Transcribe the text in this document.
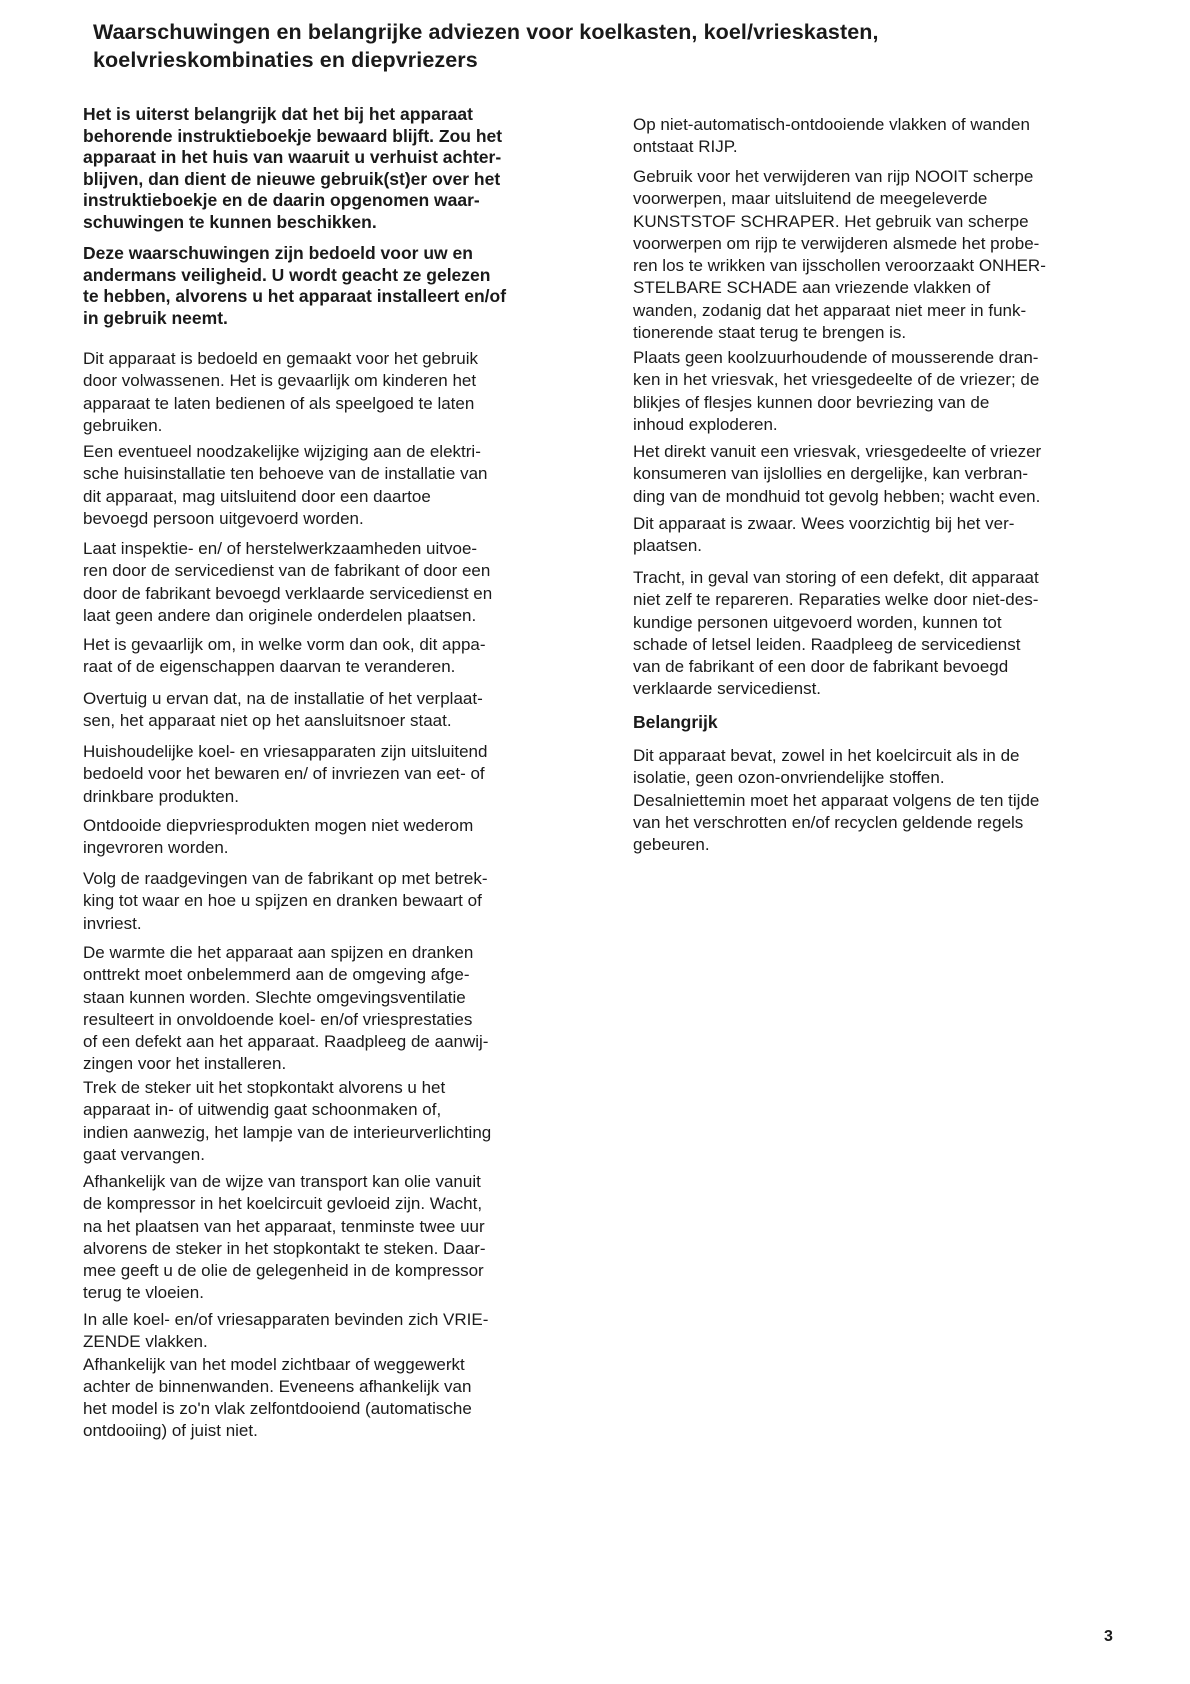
Waarschuwingen en belangrijke adviezen voor koelkasten, koel/vrieskasten,
koelvrieskombinaties en diepvriezers

Het is uiterst belangrijk dat het bij het apparaat
behorende instruktieboekje bewaard blijft. Zou het
apparaat in het huis van waaruit u verhuist achter-
blijven, dan dient de nieuwe gebruik(st)er over het
instruktieboekje en de daarin opgenomen waar-
schuwingen te kunnen beschikken.

Deze waarschuwingen zijn bedoeld voor uw en
andermans veiligheid. U wordt geacht ze gelezen
te hebben, alvorens u het apparaat installeert en/of
in gebruik neemt.

Dit apparaat is bedoeld en gemaakt voor het gebruik
door volwassenen. Het is gevaarlijk om kinderen het
apparaat te laten bedienen of als speelgoed te laten
gebruiken.

Een eventueel noodzakelijke wijziging aan de elektri-
sche huisinstallatie ten behoeve van de installatie van
dit apparaat, mag uitsluitend door een daartoe
bevoegd persoon uitgevoerd worden.

Laat inspektie- en/ of herstelwerkzaamheden uitvoe-
ren door de servicedienst van de fabrikant of door een
door de fabrikant bevoegd verklaarde servicedienst en
laat geen andere dan originele onderdelen plaatsen.

Het is gevaarlijk om, in welke vorm dan ook, dit appa-
raat of de eigenschappen daarvan te veranderen.

Overtuig u ervan dat, na de installatie of het verplaat-
sen, het apparaat niet op het aansluitsnoer staat.

Huishoudelijke koel- en vriesapparaten zijn uitsluitend
bedoeld voor het bewaren en/ of invriezen van eet- of
drinkbare produkten.

Ontdooide diepvriesprodukten mogen niet wederom
ingevroren worden.

Volg de raadgevingen van de fabrikant op met betrek-
king tot waar en hoe u spijzen en dranken bewaart of
invriest.

De warmte die het apparaat aan spijzen en dranken
onttrekt moet onbelemmerd aan de omgeving afge-
staan kunnen worden. Slechte omgevingsventilatie
resulteert in onvoldoende koel- en/of vriesprestaties
of een defekt aan het apparaat. Raadpleeg de aanwij-
zingen voor het installeren.

Trek de steker uit het stopkontakt alvorens u het
apparaat in- of uitwendig gaat schoonmaken of,
indien aanwezig, het lampje van de interieurverlichting
gaat vervangen.

Afhankelijk van de wijze van transport kan olie vanuit
de kompressor in het koelcircuit gevloeid zijn. Wacht,
na het plaatsen van het apparaat, tenminste twee uur
alvorens de steker in het stopkontakt te steken. Daar-
mee geeft u de olie de gelegenheid in de kompressor
terug te vloeien.

In alle koel- en/of vriesapparaten bevinden zich VRIE-
ZENDE vlakken.
Afhankelijk van het model zichtbaar of weggewerkt
achter de binnenwanden. Eveneens afhankelijk van
het model is zo'n vlak zelfontdooiend (automatische
ontdooiing) of juist niet.

Op niet-automatisch-ontdooiende vlakken of wanden
ontstaat RIJP.

Gebruik voor het verwijderen van rijp NOOIT scherpe
voorwerpen, maar uitsluitend de meegeleverde
KUNSTSTOF SCHRAPER. Het gebruik van scherpe
voorwerpen om rijp te verwijderen alsmede het probe-
ren los te wrikken van ijsschollen veroorzaakt ONHER-
STELBARE SCHADE aan vriezende vlakken of
wanden, zodanig dat het apparaat niet meer in funk-
tionerende staat terug te brengen is.

Plaats geen koolzuurhoudende of mousserende dran-
ken in het vriesvak, het vriesgedeelte of de vriezer; de
blikjes of flesjes kunnen door bevriezing van de
inhoud exploderen.

Het direkt vanuit een vriesvak, vriesgedeelte of vriezer
konsumeren van ijslollies en dergelijke, kan verbran-
ding van de mondhuid tot gevolg hebben; wacht even.

Dit apparaat is zwaar. Wees voorzichtig bij het ver-
plaatsen.

Tracht, in geval van storing of een defekt, dit apparaat
niet zelf te repareren. Reparaties welke door niet-des-
kundige personen uitgevoerd worden, kunnen tot
schade of letsel leiden. Raadpleeg de servicedienst
van de fabrikant of een door de fabrikant bevoegd
verklaarde servicedienst.

Belangrijk

Dit apparaat bevat, zowel in het koelcircuit als in de
isolatie, geen ozon-onvriendelijke stoffen.
Desalniettemin moet het apparaat volgens de ten tijde
van het verschrotten en/of recyclen geldende regels
gebeuren.

3
